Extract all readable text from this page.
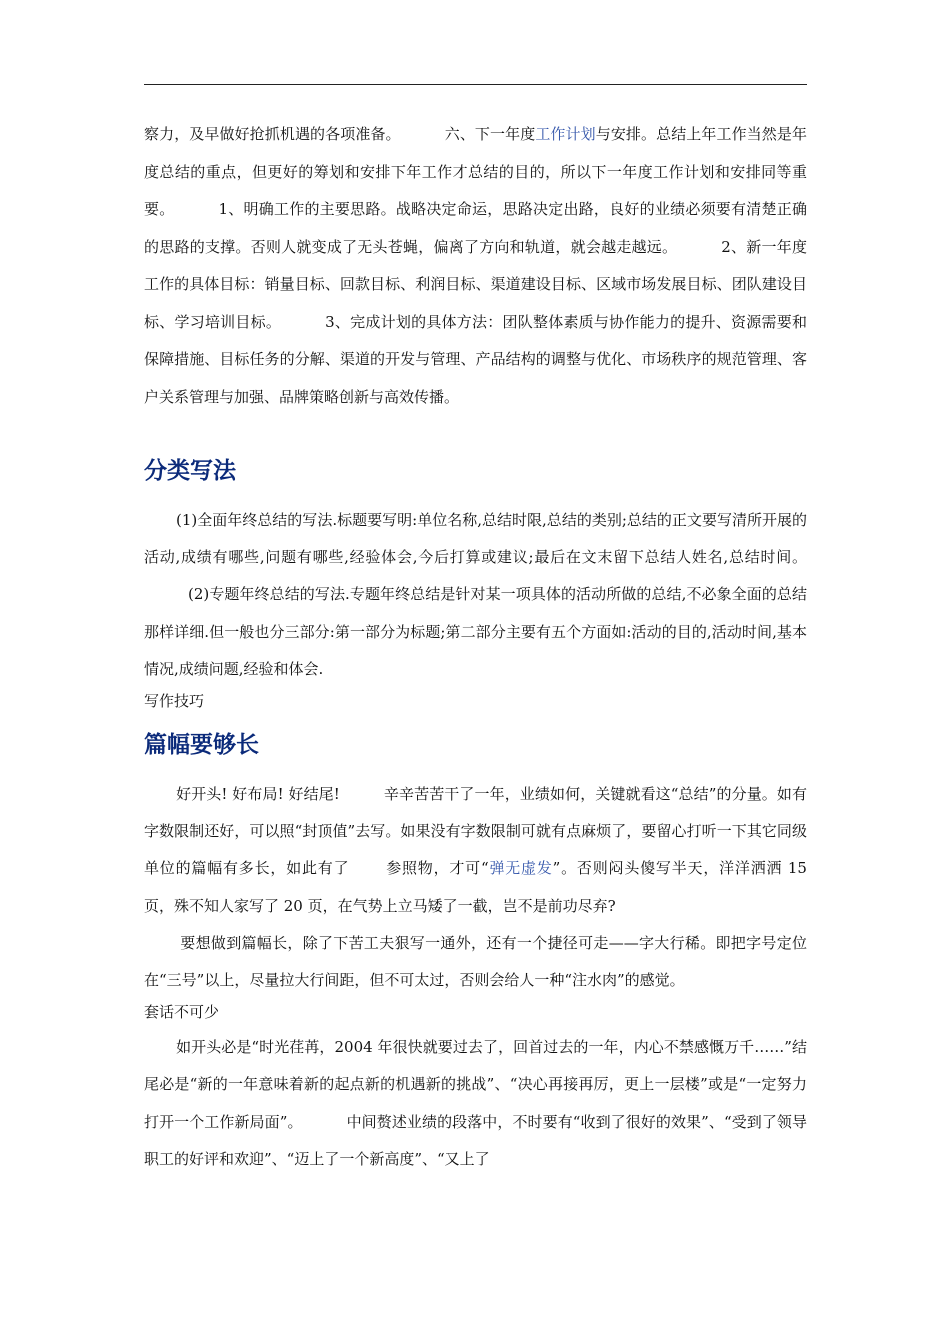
察力，及早做好抢抓机遇的各项准备。	六、下一年度工作计划与安排。总结上年工作当然是年度总结的重点，但更好的筹划和安排下年工作才总结的目的，所以下一年度工作计划和安排同等重要。	1、明确工作的主要思路。战略决定命运，思路决定出路，良好的业绩必须要有清楚正确的思路的支撑。否则人就变成了无头苍蝇，偏离了方向和轨道，就会越走越远。	2、新一年度工作的具体目标：销量目标、回款目标、利润目标、渠道建设目标、区域市场发展目标、团队建设目标、学习培训目标。	3、完成计划的具体方法：团队整体素质与协作能力的提升、资源需要和保障措施、目标任务的分解、渠道的开发与管理、产品结构的调整与优化、市场秩序的规范管理、客户关系管理与加强、品牌策略创新与高效传播。

分类写法

(1)全面年终总结的写法.标题要写明:单位名称,总结时限,总结的类别;总结的正文要写清所开展的活动,成绩有哪些,问题有哪些,经验体会,今后打算或建议;最后在文末留下总结人姓名,总结时间。(2)专题年终总结的写法.专题年终总结是针对某一项具体的活动所做的总结,不必象全面的总结那样详细.但一般也分三部分:第一部分为标题;第二部分主要有五个方面如:活动的目的,活动时间,基本情况,成绩问题,经验和体会.

写作技巧

篇幅要够长

好开头! 好布局! 好结尾!	辛辛苦苦干了一年，业绩如何，关键就看这“总结”的分量。如有字数限制还好，可以照“封顶值”去写。如果没有字数限制可就有点麻烦了，要留心打听一下其它同级单位的篇幅有多长，如此有了 参照物，才可“弹无虚发”。否则闷头傻写半天，洋洋洒洒 15 页，殊不知人家写了 20 页，在气势上立马矮了一截，岂不是前功尽弃?

要想做到篇幅长，除了下苦工夫狠写一通外，还有一个捷径可走——字大行稀。即把字号定位在“三号”以上，尽量拉大行间距，但不可太过，否则会给人一种“注水肉”的感觉。

套话不可少

如开头必是“时光荏苒，2004 年很快就要过去了，回首过去的一年，内心不禁感慨万千……”结尾必是“新的一年意味着新的起点新的机遇新的挑战”、“决心再接再厉，更上一层楼”或是“一定努力打开一个工作新局面”。	中间赘述业绩的段落中，不时要有“收到了很好的效果”、“受到了领导职工的好评和欢迎”、“迈上了一个新高度”、“又上了
